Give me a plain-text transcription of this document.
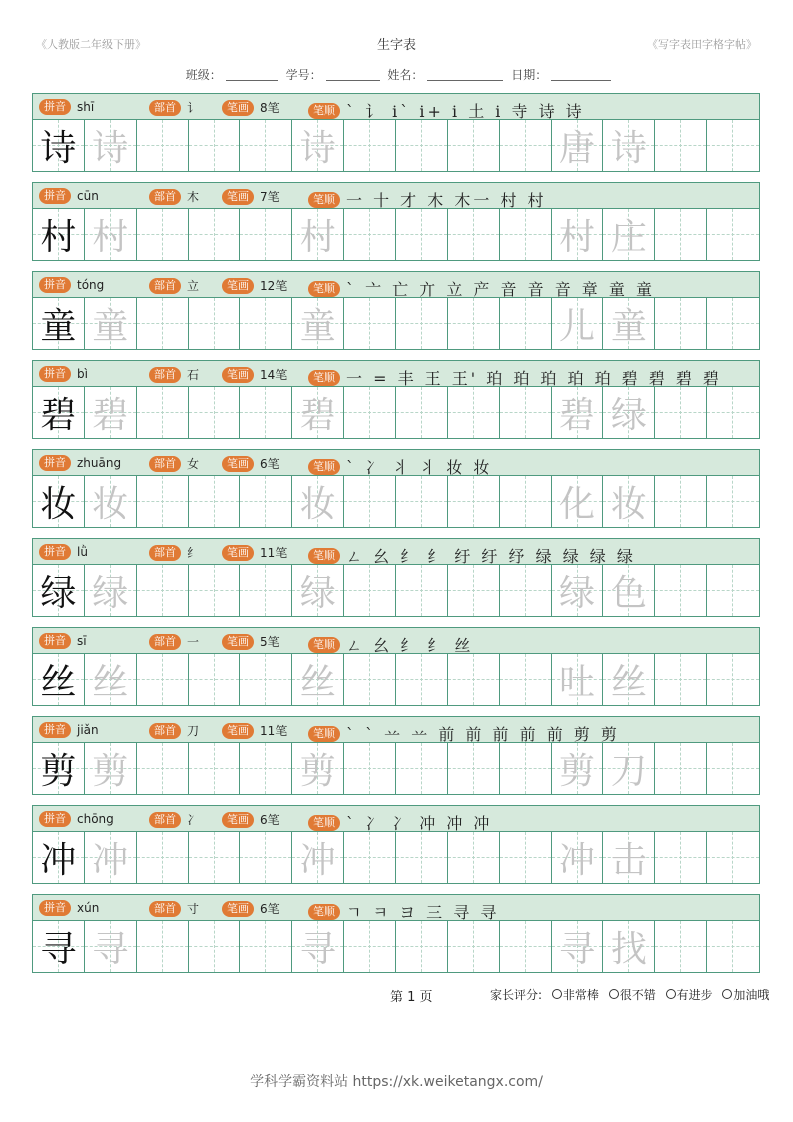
《人教版二年级下册》	生字表	《写字表田字格字帖》
班级：	学号：	姓名：	日期：
拼音 shī	部首 讠	笔画 8笔	笔顺 ` 讠 i` i+ i 土 i 寺 诗 诗
诗 诗	诗	唐 诗
拼音 cūn	部首 木	笔画 7笔	笔顺 一 十 才 木 木一 村 村
村 村	村	村 庄
拼音 tóng	部首 立	笔画 12笔	笔顺 ` 亠 亡 亣 立 产 音 音 音 章 童 童
童 童	童	儿 童
拼音 bì	部首 石	笔画 14笔	笔顺 一 = 丰 王 王' 珀 珀 珀 珀 珀 碧 碧 碧 碧
碧 碧	碧	碧 绿
拼音 zhuāng	部首 女	笔画 6笔	笔顺 ` 冫 丬 丬 妆 妆
妆 妆	妆	化 妆
拼音 lǜ	部首 纟	笔画 11笔	笔顺 ㄥ 幺 纟 纟 纡 纡 纾 绿 绿 绿 绿
绿 绿	绿	绿 色
拼音 sī	部首 一	笔画 5笔	笔顺 ㄥ 幺 纟 纟 丝
丝 丝	丝	吐 丝
拼音 jiǎn	部首 刀	笔画 11笔	笔顺 ` ` 䒑 䒑 前 前 前 前 前 剪 剪
剪 剪	剪	剪 刀
拼音 chōng	部首 冫	笔画 6笔	笔顺 ` 冫 冫 冲 冲 冲
冲 冲	冲	冲 击
拼音 xún	部首 寸	笔画 6笔	笔顺 ㄱ ㅋ ヨ 三 寻 寻
寻 寻	寻	寻 找
第 1 页	家长评分: 非常棒 很不错 有进步 加油哦
学科学霸资料站 https://xk.weiketangx.com/
